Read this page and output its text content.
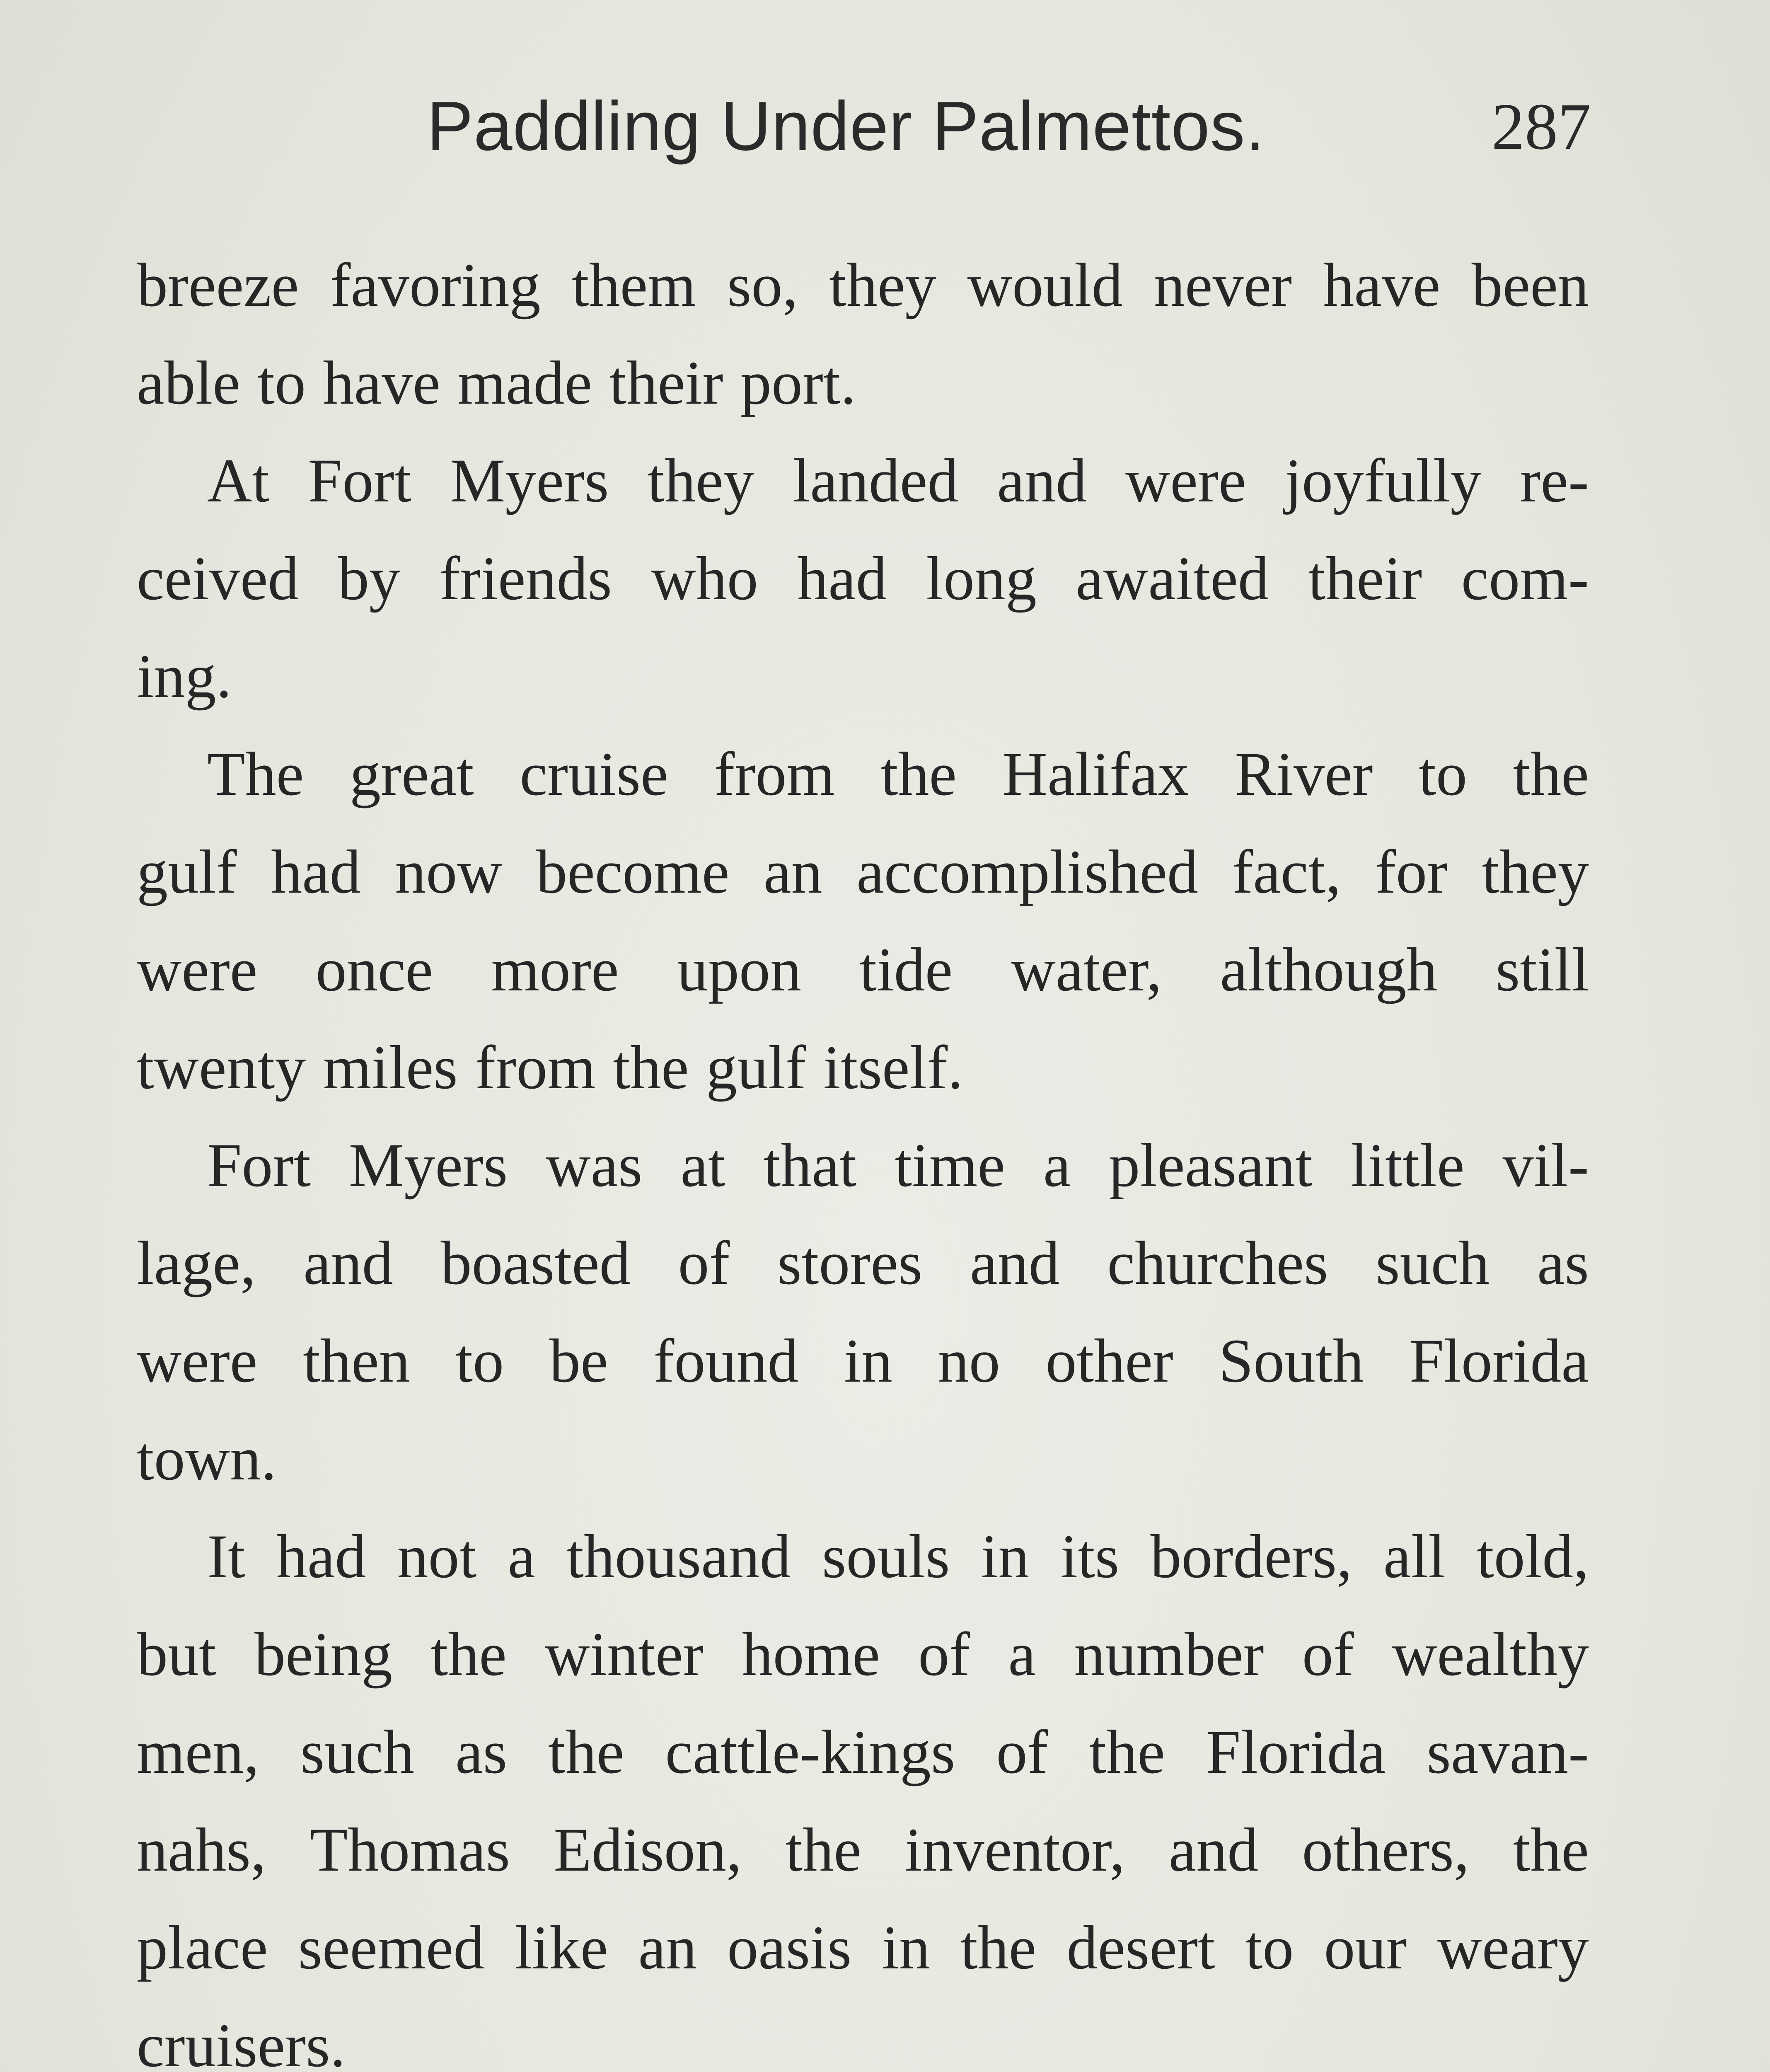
Paddling Under Palmettos.	287
breeze favoring them so, they would never have been
able to have made their port.
At Fort Myers they landed and were joyfully re-
ceived by friends who had long awaited their com-
ing.
The great cruise from the Halifax River to the
gulf had now become an accomplished fact, for they
were once more upon tide water, although still
twenty miles from the gulf itself.
Fort Myers was at that time a pleasant little vil-
lage, and boasted of stores and churches such as
were then to be found in no other South Florida
town.
It had not a thousand souls in its borders, all told,
but being the winter home of a number of wealthy
men, such as the cattle-kings of the Florida savan-
nahs, Thomas Edison, the inventor, and others, the
place seemed like an oasis in the desert to our weary
cruisers.
